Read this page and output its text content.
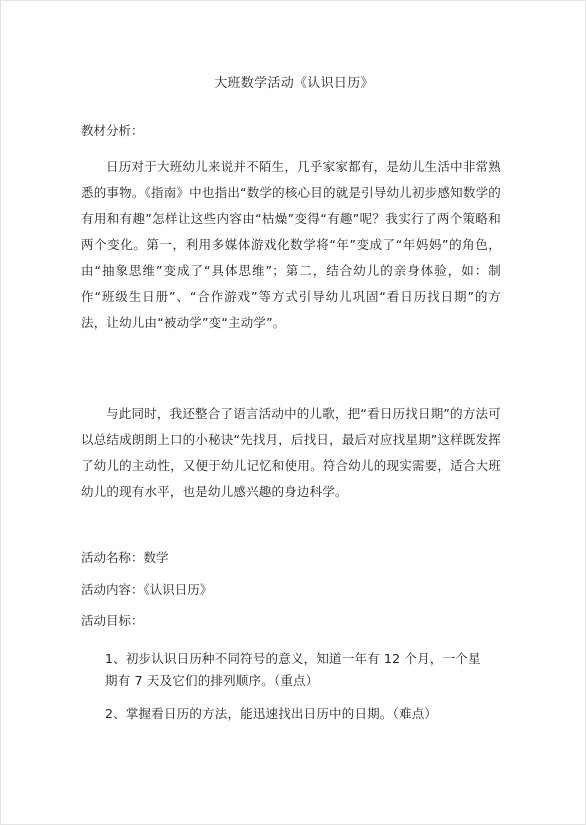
大班数学活动《认识日历》
教材分析：
日历对于大班幼儿来说并不陌生，几乎家家都有，是幼儿生活中非常熟悉的事物。《指南》中也指出“数学的核心目的就是引导幼儿初步感知数学的有用和有趣”怎样让这些内容由“枯燥”变得“有趣”呢？我实行了两个策略和两个变化。第一，利用多媒体游戏化数学将“年”变成了“年妈妈”的角色，由“抽象思维”变成了“具体思维”；第二，结合幼儿的亲身体验，如：制作“班级生日册”、“合作游戏”等方式引导幼儿巩固“看日历找日期”的方法，让幼儿由“被动学”变“主动学”。
与此同时，我还整合了语言活动中的儿歌，把“看日历找日期”的方法可以总结成朗朗上口的小秘诀“先找月，后找日，最后对应找星期”这样既发挥了幼儿的主动性，又便于幼儿记忆和使用。符合幼儿的现实需要，适合大班幼儿的现有水平，也是幼儿感兴趣的身边科学。
活动名称：数学
活动内容：《认识日历》
活动目标：
1、初步认识日历种不同符号的意义，知道一年有 12 个月，一个星期有 7 天及它们的排列顺序。（重点）
2、掌握看日历的方法，能迅速找出日历中的日期。（难点）
